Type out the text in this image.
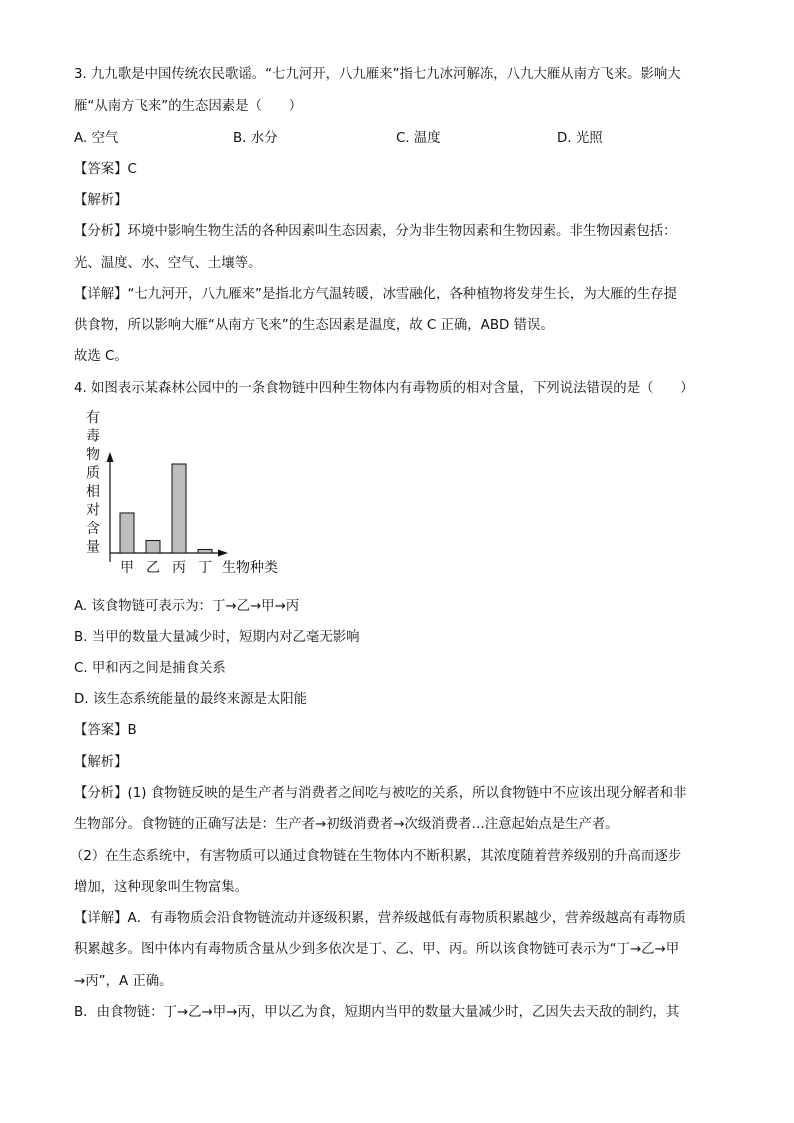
3. 九九歌是中国传统农民歌谣。“七九河开，八九雁来”指七九冰河解冻，八九大雁从南方飞来。影响大
雁“从南方飞来”的生态因素是（　　）
A. 空气	B. 水分	C. 温度	D. 光照
【答案】C
【解析】
【分析】环境中影响生物生活的各种因素叫生态因素，分为非生物因素和生物因素。非生物因素包括：
光、温度、水、空气、土壤等。
【详解】“七九河开，八九雁来”是指北方气温转暖，冰雪融化，各种植物将发芽生长，为大雁的生存提
供食物，所以影响大雁“从南方飞来”的生态因素是温度，故 C 正确，ABD 错误。
故选 C。
4. 如图表示某森林公园中的一条食物链中四种生物体内有毒物质的相对含量，下列说法错误的是（　　）
有
毒
物
质
相
对
含
量
甲 乙 丙 丁 生物种类
A. 该食物链可表示为：丁→乙→甲→丙
B. 当甲的数量大量减少时，短期内对乙毫无影响
C. 甲和丙之间是捕食关系
D. 该生态系统能量的最终来源是太阳能
【答案】B
【解析】
【分析】(1) 食物链反映的是生产者与消费者之间吃与被吃的关系，所以食物链中不应该出现分解者和非
生物部分。食物链的正确写法是：生产者→初级消费者→次级消费者…注意起始点是生产者。
（2）在生态系统中，有害物质可以通过食物链在生物体内不断积累，其浓度随着营养级别的升高而逐步
增加，这种现象叫生物富集。
【详解】A．有毒物质会沿食物链流动并逐级积累，营养级越低有毒物质积累越少，营养级越高有毒物质
积累越多。图中体内有毒物质含量从少到多依次是丁、乙、甲、丙。所以该食物链可表示为“丁→乙→甲
→丙”，A 正确。
B．由食物链：丁→乙→甲→丙，甲以乙为食，短期内当甲的数量大量减少时，乙因失去天敌的制约，其
